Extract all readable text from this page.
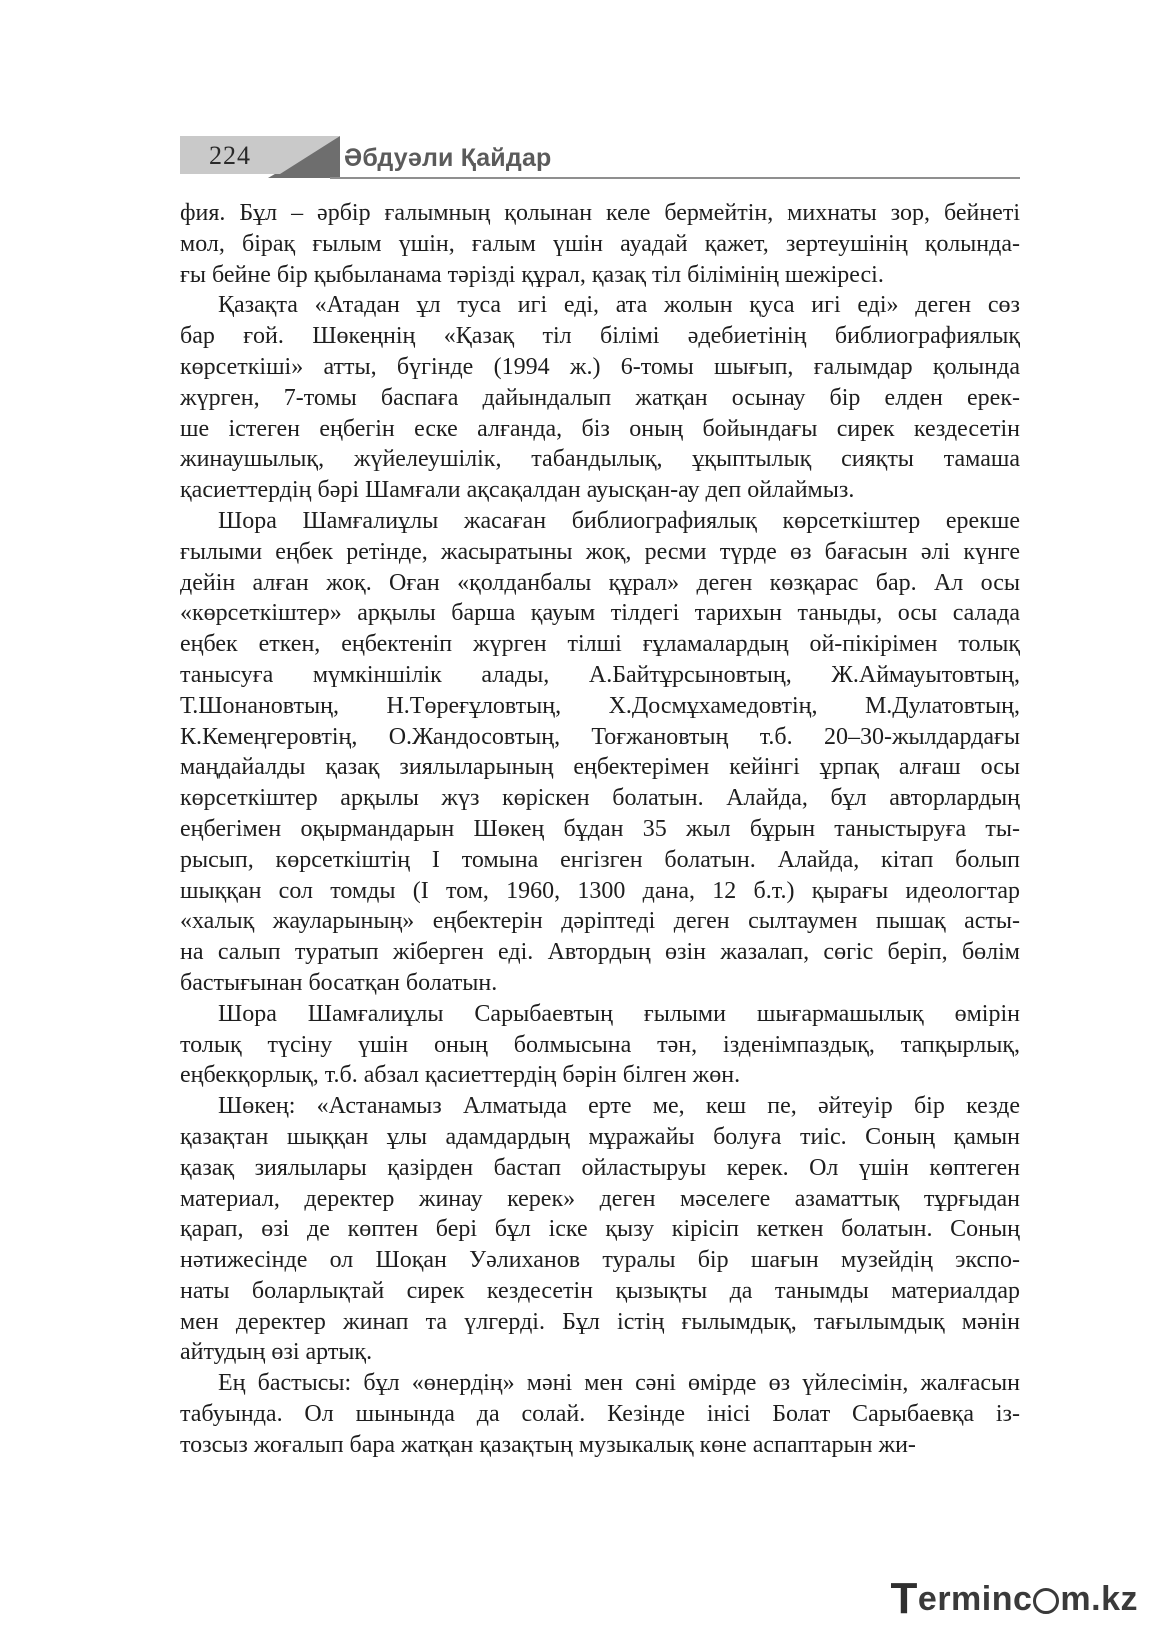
224	Әбдуәли Қайдар
фия. Бұл – әрбір ғалымның қолынан келе бермейтін, михнаты зор, бейнеті
мол, бірақ ғылым үшін, ғалым үшін ауадай қажет, зертеушінің қолында-
ғы бейне бір қыбыланама тәрізді құрал, қазақ тіл білімінің шежіресі.
Қазақта «Атадан ұл туса игі еді, ата жолын қуса игі еді» деген сөз
бар ғой. Шөкеңнің «Қазақ тіл білімі әдебиетінің библиографиялық
көрсеткіші» атты, бүгінде (1994 ж.) 6-томы шығып, ғалымдар қолында
жүрген, 7-томы баспаға дайындалып жатқан осынау бір елден ерек-
ше істеген еңбегін еске алғанда, біз оның бойындағы сирек кездесетін
жинаушылық, жүйелеушілік, табандылық, ұқыптылық сияқты тамаша
қасиеттердің бәрі Шамғали ақсақалдан ауысқан-ау деп ойлаймыз.
Шора Шамғалиұлы жасаған библиографиялық көрсеткіштер ерекше
ғылыми еңбек ретінде, жасыратыны жоқ, ресми түрде өз бағасын әлі күнге
дейін алған жоқ. Оған «қолданбалы құрал» деген көзқарас бар. Ал осы
«көрсеткіштер» арқылы барша қауым тілдегі тарихын таныды, осы салада
еңбек еткен, еңбектеніп жүрген тілші ғұламалардың ой-пікірімен толық
танысуға мүмкіншілік алады, А.Байтұрсыновтың, Ж.Аймауытовтың,
Т.Шонановтың, Н.Төреғұловтың, Х.Досмұхамедовтің, М.Дулатовтың,
К.Кемеңгеровтің, О.Жандосовтың, Тоғжановтың т.б. 20–30-жылдардағы
маңдайалды қазақ зиялыларының еңбектерімен кейінгі ұрпақ алғаш осы
көрсеткіштер арқылы жүз көріскен болатын. Алайда, бұл авторлардың
еңбегімен оқырмандарын Шөкең бұдан 35 жыл бұрын таныстыруға ты-
рысып, көрсеткіштің I томына енгізген болатын. Алайда, кітап болып
шыққан сол томды (I том, 1960, 1300 дана, 12 б.т.) қырағы идеологтар
«халық жауларының» еңбектерін дәріптеді деген сылтаумен пышақ асты-
на салып туратып жіберген еді. Автордың өзін жазалап, сөгіс беріп, бөлім
бастығынан босатқан болатын.
Шора Шамғалиұлы Сарыбаевтың ғылыми шығармашылық өмірін
толық түсіну үшін оның болмысына тән, ізденімпаздық, тапқырлық,
еңбекқорлық, т.б. абзал қасиеттердің бәрін білген жөн.
Шөкең: «Астанамыз Алматыда ерте ме, кеш пе, әйтеуір бір кезде
қазақтан шыққан ұлы адамдардың мұражайы болуға тиіс. Соның қамын
қазақ зиялылары қазірден бастап ойластыруы керек. Ол үшін көптеген
материал, деректер жинау керек» деген мәселеге азаматтық тұрғыдан
қарап, өзі де көптен бері бұл іске қызу кірісіп кеткен болатын. Соның
нәтижесінде ол Шоқан Уәлиханов туралы бір шағын музейдің экспо-
наты боларлықтай сирек кездесетін қызықты да танымды материалдар
мен деректер жинап та үлгерді. Бұл істің ғылымдық, тағылымдық мәнін
айтудың өзі артық.
Ең бастысы: бұл «өнердің» мәні мен сәні өмірде өз үйлесімін, жалғасын
табуында. Ол шынында да солай. Кезінде інісі Болат Сарыбаевқа із-
тозсыз жоғалып бара жатқан қазақтың музыкалық көне аспаптарын жи-
T erminc m.kz
